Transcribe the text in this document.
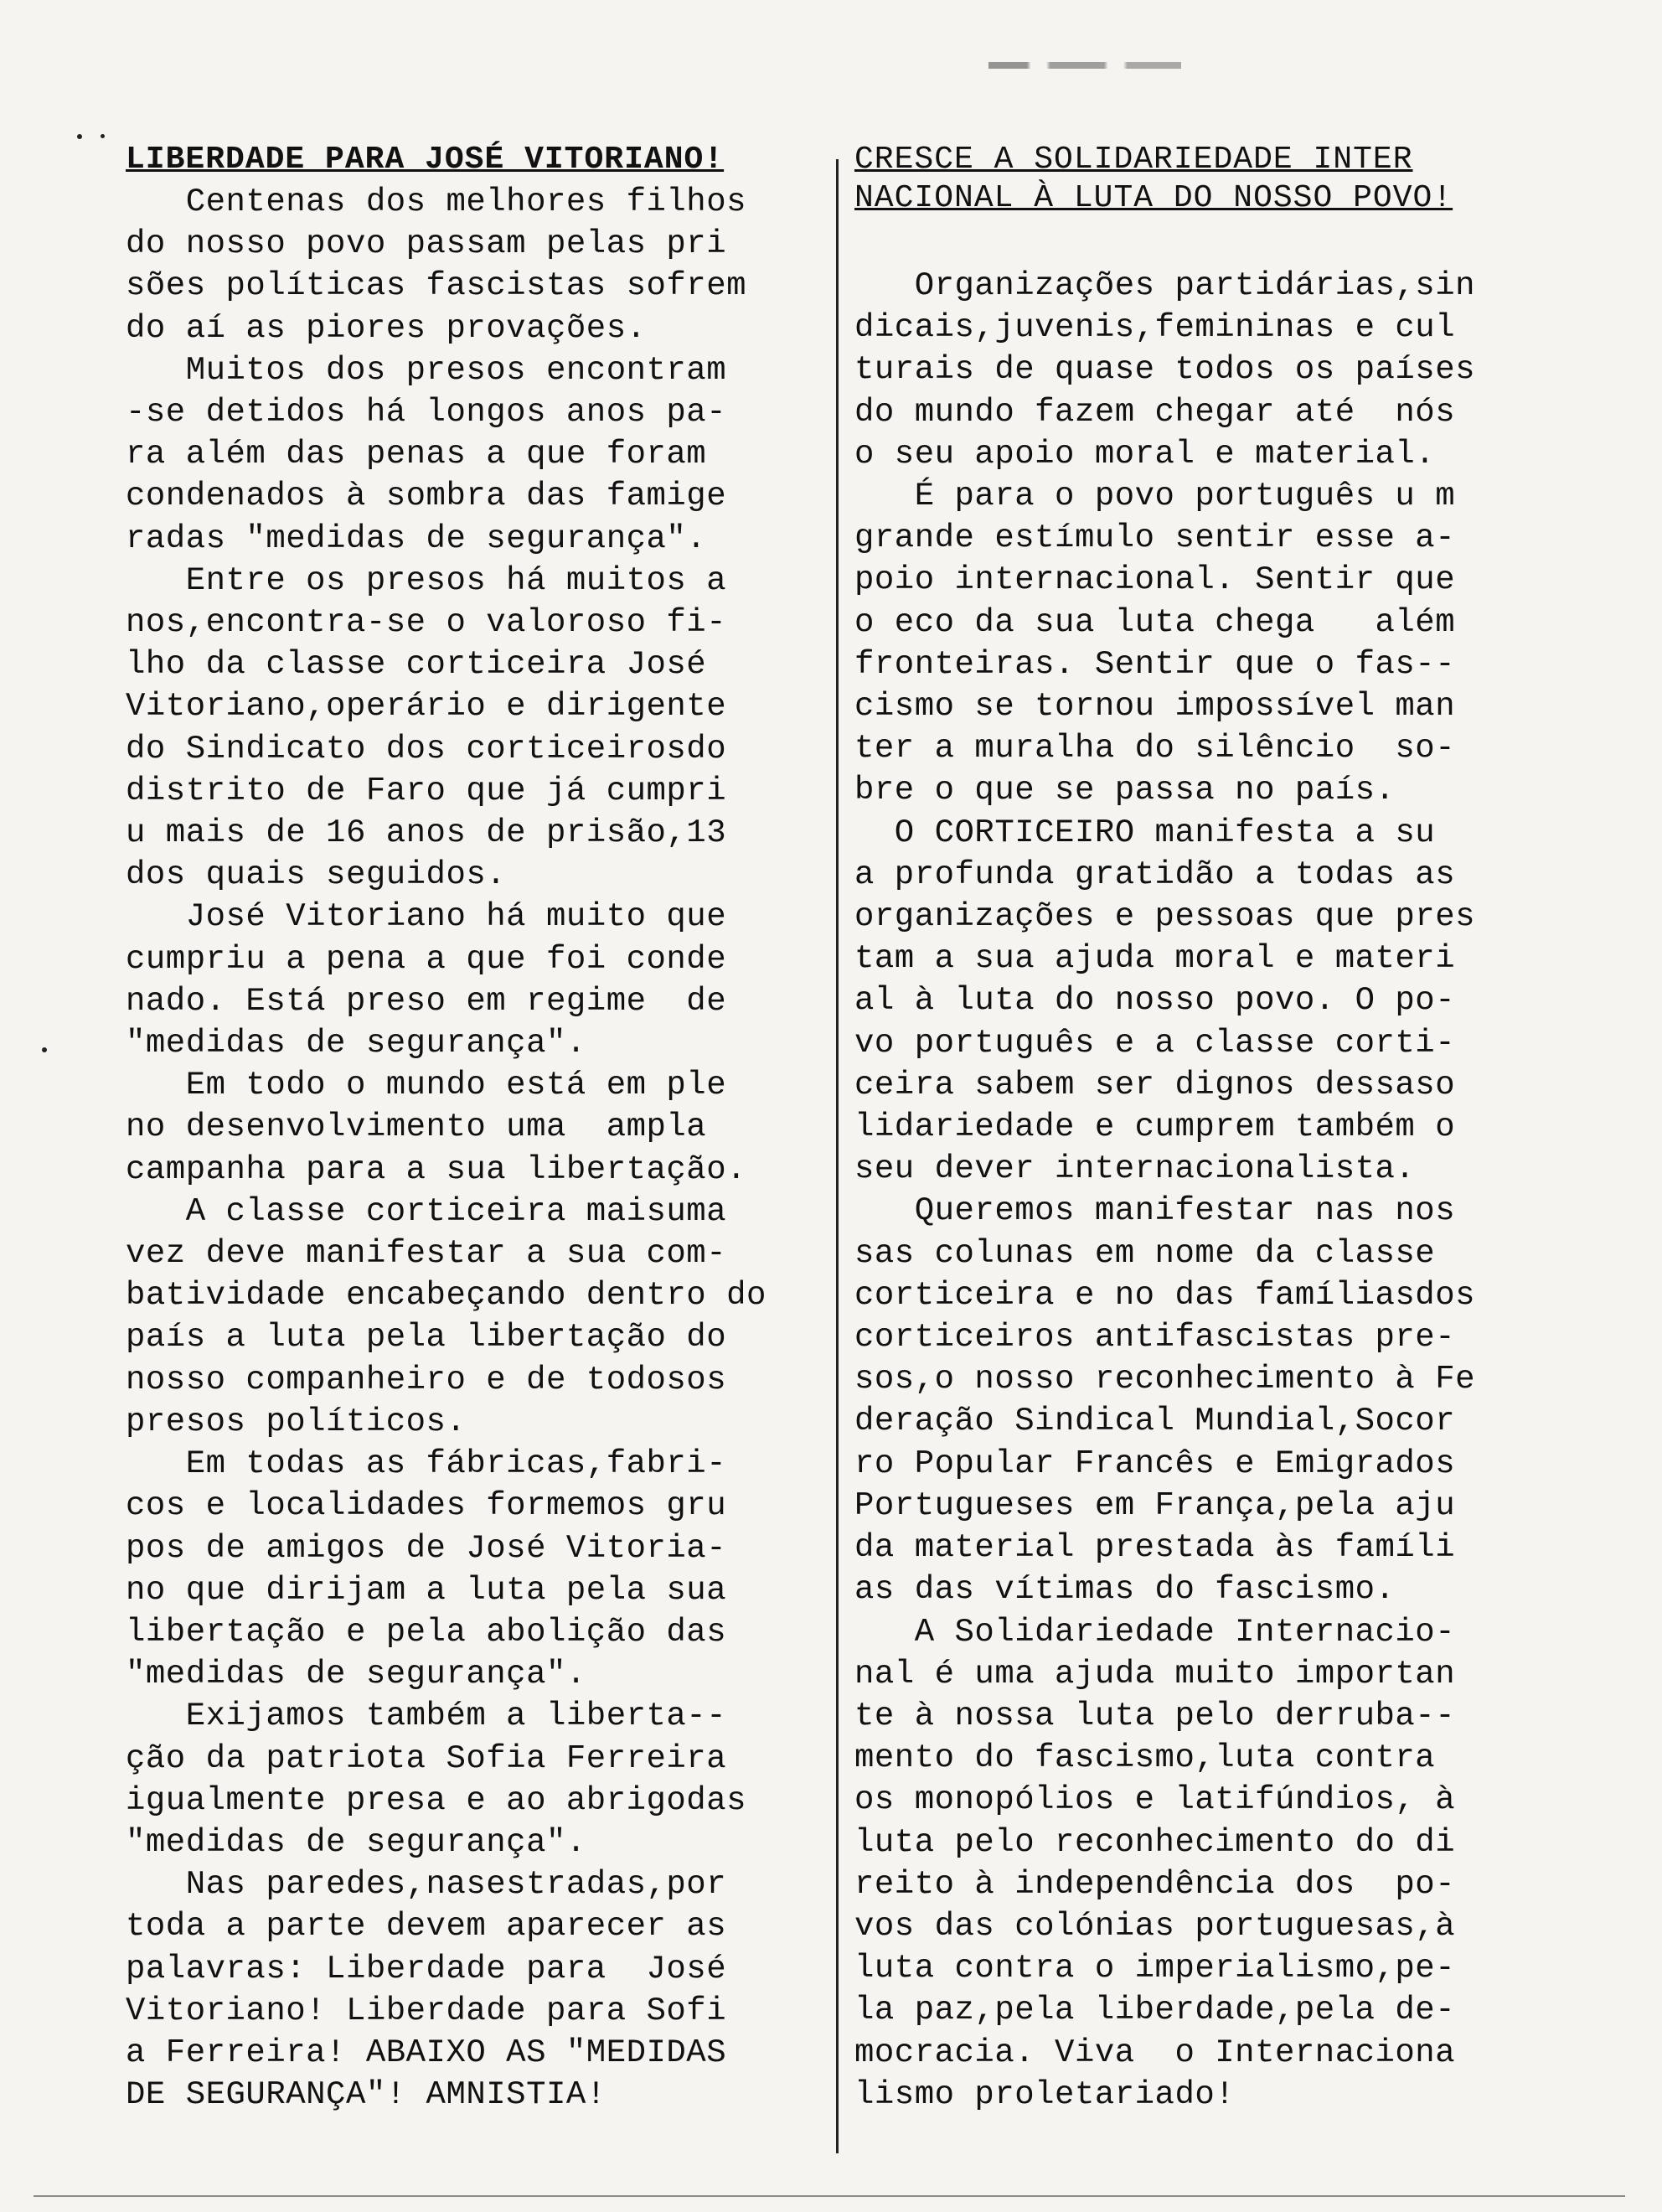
LIBERDADE PARA JOSÉ VITORIANO!
Centenas dos melhores filhos
do nosso povo passam pelas pri
sões políticas fascistas sofrem
do aí as piores provações.
Muitos dos presos encontram
-se detidos há longos anos pa-
ra além das penas a que foram
condenados à sombra das famige
radas "medidas de segurança".
Entre os presos há muitos a
nos,encontra-se o valoroso fi-
lho da classe corticeira José
Vitoriano,operário e dirigente
do Sindicato dos corticeirosdo
distrito de Faro que já cumpri
u mais de 16 anos de prisão,13
dos quais seguidos.
José Vitoriano há muito que
cumpriu a pena a que foi conde
nado. Está preso em regime  de
"medidas de segurança".
Em todo o mundo está em ple
no desenvolvimento uma  ampla
campanha para a sua libertação.
A classe corticeira maisuma
vez deve manifestar a sua com-
batividade encabeçando dentro do
país a luta pela libertação do
nosso companheiro e de todosos
presos políticos.
Em todas as fábricas,fabri-
cos e localidades formemos gru
pos de amigos de José Vitoria-
no que dirijam a luta pela sua
libertação e pela abolição das
"medidas de segurança".
Exijamos também a liberta--
ção da patriota Sofia Ferreira
igualmente presa e ao abrigodas
"medidas de segurança".
Nas paredes,nasestradas,por
toda a parte devem aparecer as
palavras: Liberdade para  José
Vitoriano! Liberdade para Sofi
a Ferreira! ABAIXO AS "MEDIDAS
DE SEGURANÇA"! AMNISTIA!
CRESCE A SOLIDARIEDADE INTER
NACIONAL À LUTA DO NOSSO POVO!
Organizações partidárias,sin
dicais,juvenis,femininas e cul
turais de quase todos os países
do mundo fazem chegar até  nós
o seu apoio moral e material.
É para o povo português u m
grande estímulo sentir esse a-
poio internacional. Sentir que
o eco da sua luta chega   além
fronteiras. Sentir que o fas--
cismo se tornou impossível man
ter a muralha do silêncio  so-
bre o que se passa no país.
O CORTICEIRO manifesta a su
a profunda gratidão a todas as
organizações e pessoas que pres
tam a sua ajuda moral e materi
al à luta do nosso povo. O po-
vo português e a classe corti-
ceira sabem ser dignos dessaso
lidariedade e cumprem também o
seu dever internacionalista.
Queremos manifestar nas nos
sas colunas em nome da classe
corticeira e no das famíliasdos
corticeiros antifascistas pre-
sos,o nosso reconhecimento à Fe
deração Sindical Mundial,Socor
ro Popular Francês e Emigrados
Portugueses em França,pela aju
da material prestada às famíli
as das vítimas do fascismo.
A Solidariedade Internacio-
nal é uma ajuda muito importan
te à nossa luta pelo derruba--
mento do fascismo,luta contra
os monopólios e latifúndios, à
luta pelo reconhecimento do di
reito à independência dos  po-
vos das colónias portuguesas,à
luta contra o imperialismo,pe-
la paz,pela liberdade,pela de-
mocracia. Viva  o Internaciona
lismo proletariado!
